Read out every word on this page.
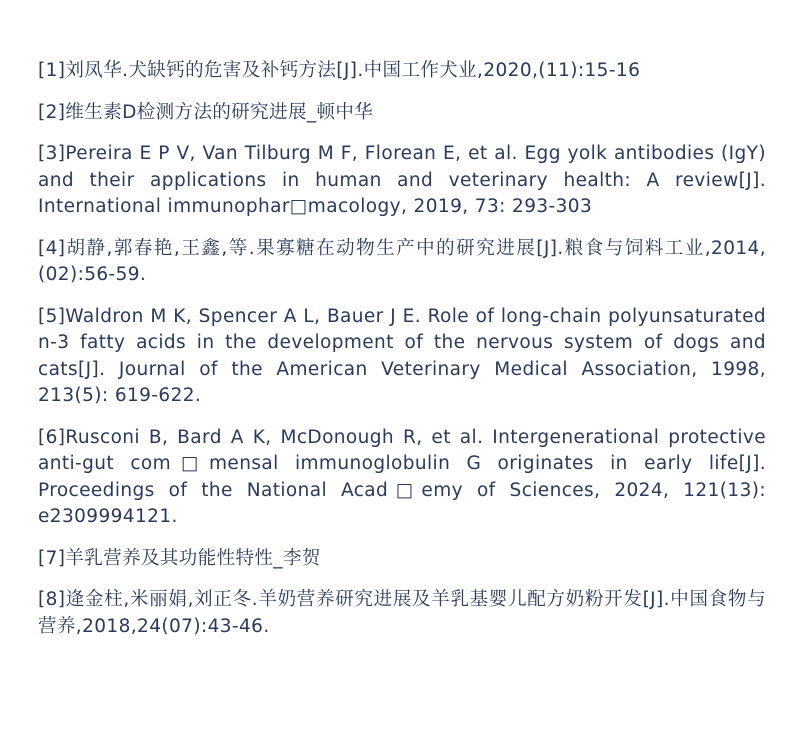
[1]刘凤华.犬缺钙的危害及补钙方法[J].中国工作犬业,2020,(11):15-16

[2]维生素D检测方法的研究进展_顿中华

[3]Pereira E P V, Van Tilburg M F, Florean E, et al. Egg yolk antibodies (IgY) and their applications in human and veterinary health: A review[J]. International immunophar□macology, 2019, 73: 293-303

[4]胡静,郭春艳,王鑫,等.果寡糖在动物生产中的研究进展[J].粮食与饲料工业,2014,(02):56-59.

[5]Waldron M K, Spencer A L, Bauer J E. Role of long-chain polyunsaturated n-3 fatty acids in the development of the nervous system of dogs and cats[J]. Journal of the American Veterinary Medical Association, 1998, 213(5): 619-622.

[6]Rusconi B, Bard A K, McDonough R, et al. Intergenerational protective anti-gut com□mensal immunoglobulin G originates in early life[J]. Proceedings of the National Acad□emy of Sciences, 2024, 121(13): e2309994121.

[7]羊乳营养及其功能性特性_李贺

[8]逄金柱,米丽娟,刘正冬.羊奶营养研究进展及羊乳基婴儿配方奶粉开发[J].中国食物与营养,2018,24(07):43-46.
